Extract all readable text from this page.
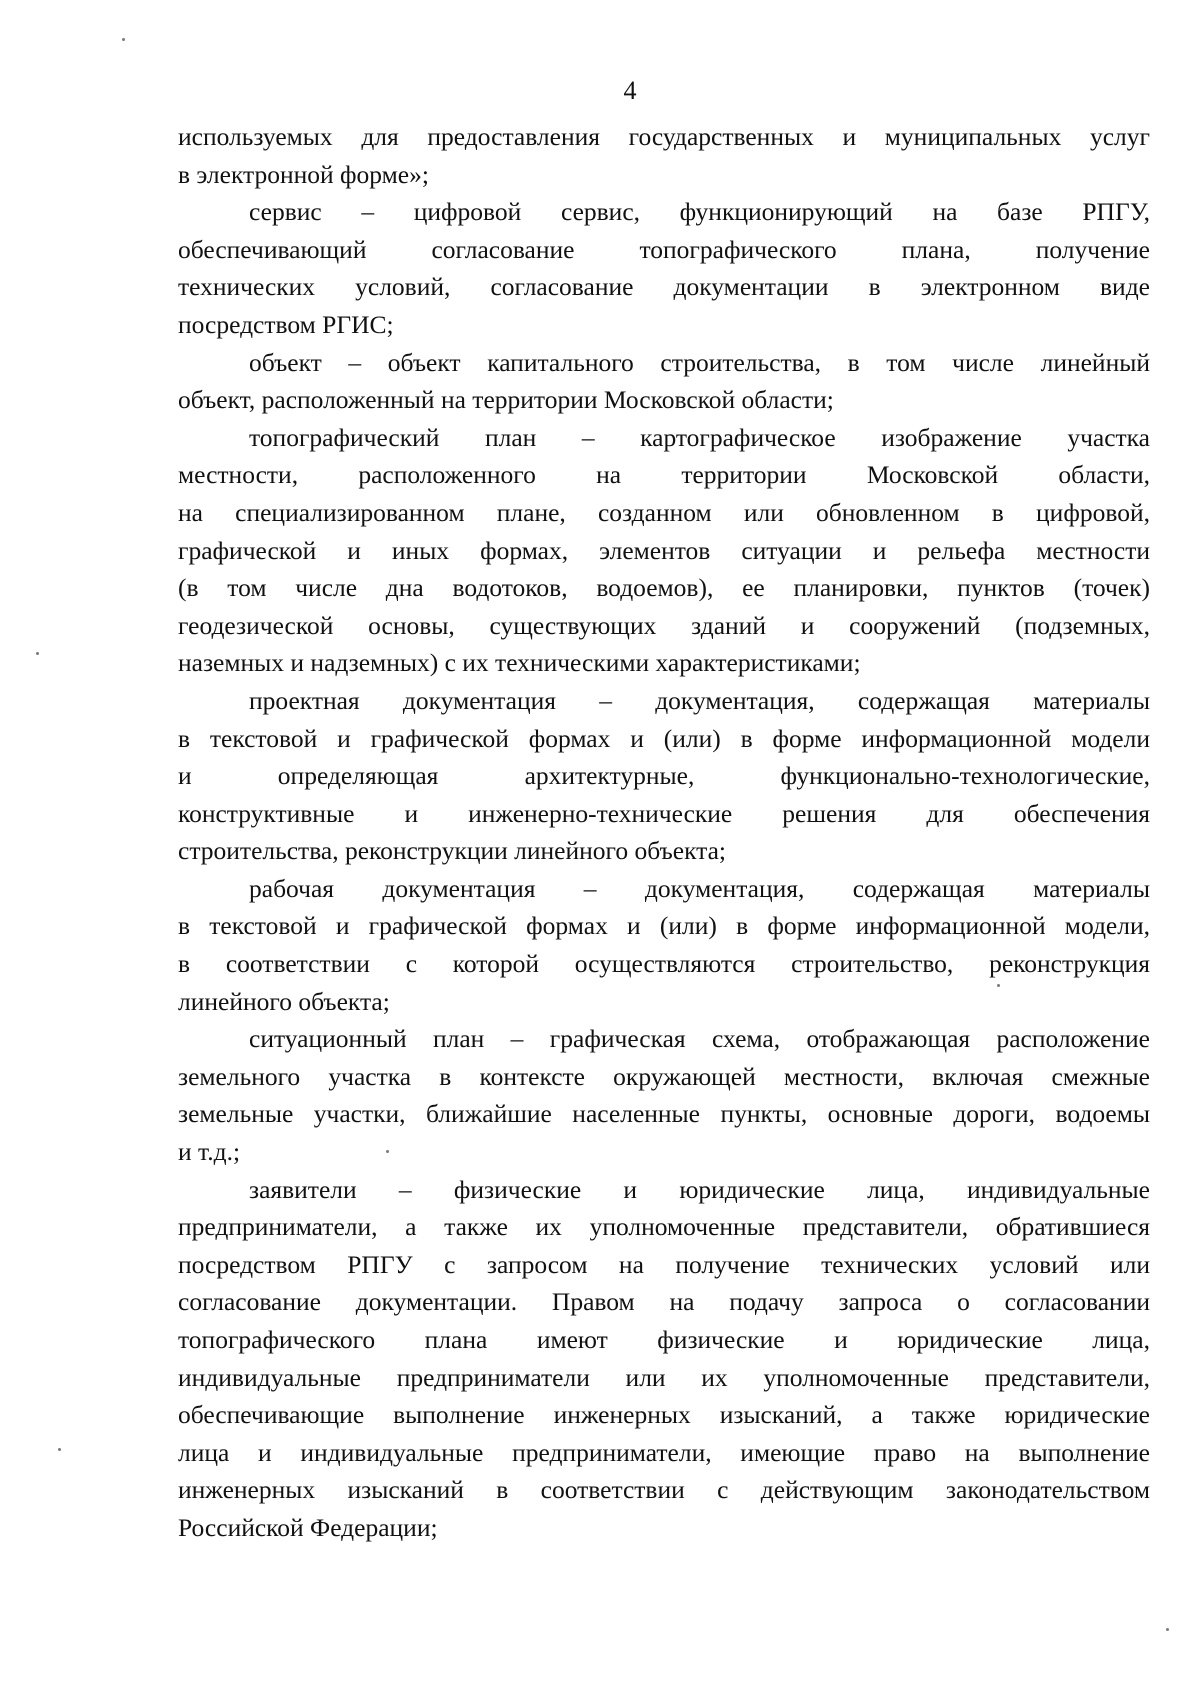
4
используемых для предоставления государственных и муниципальных услуг
в электронной форме»;
сервис – цифровой сервис, функционирующий на базе РПГУ,
обеспечивающий согласование топографического плана, получение
технических условий, согласование документации в электронном виде
посредством РГИС;
объект – объект капитального строительства, в том числе линейный
объект, расположенный на территории Московской области;
топографический план – картографическое изображение участка
местности, расположенного на территории Московской области,
на специализированном плане, созданном или обновленном в цифровой,
графической и иных формах, элементов ситуации и рельефа местности
(в том числе дна водотоков, водоемов), ее планировки, пунктов (точек)
геодезической основы, существующих зданий и сооружений (подземных,
наземных и надземных) с их техническими характеристиками;
проектная документация – документация, содержащая материалы
в текстовой и графической формах и (или) в форме информационной модели
и определяющая архитектурные, функционально-технологические,
конструктивные и инженерно-технические решения для обеспечения
строительства, реконструкции линейного объекта;
рабочая документация – документация, содержащая материалы
в текстовой и графической формах и (или) в форме информационной модели,
в соответствии с которой осуществляются строительство, реконструкция
линейного объекта;
ситуационный план – графическая схема, отображающая расположение
земельного участка в контексте окружающей местности, включая смежные
земельные участки, ближайшие населенные пункты, основные дороги, водоемы
и т.д.;
заявители – физические и юридические лица, индивидуальные
предприниматели, а также их уполномоченные представители, обратившиеся
посредством РПГУ с запросом на получение технических условий или
согласование документации. Правом на подачу запроса о согласовании
топографического плана имеют физические и юридические лица,
индивидуальные предприниматели или их уполномоченные представители,
обеспечивающие выполнение инженерных изысканий, а также юридические
лица и индивидуальные предприниматели, имеющие право на выполнение
инженерных изысканий в соответствии с действующим законодательством
Российской Федерации;
